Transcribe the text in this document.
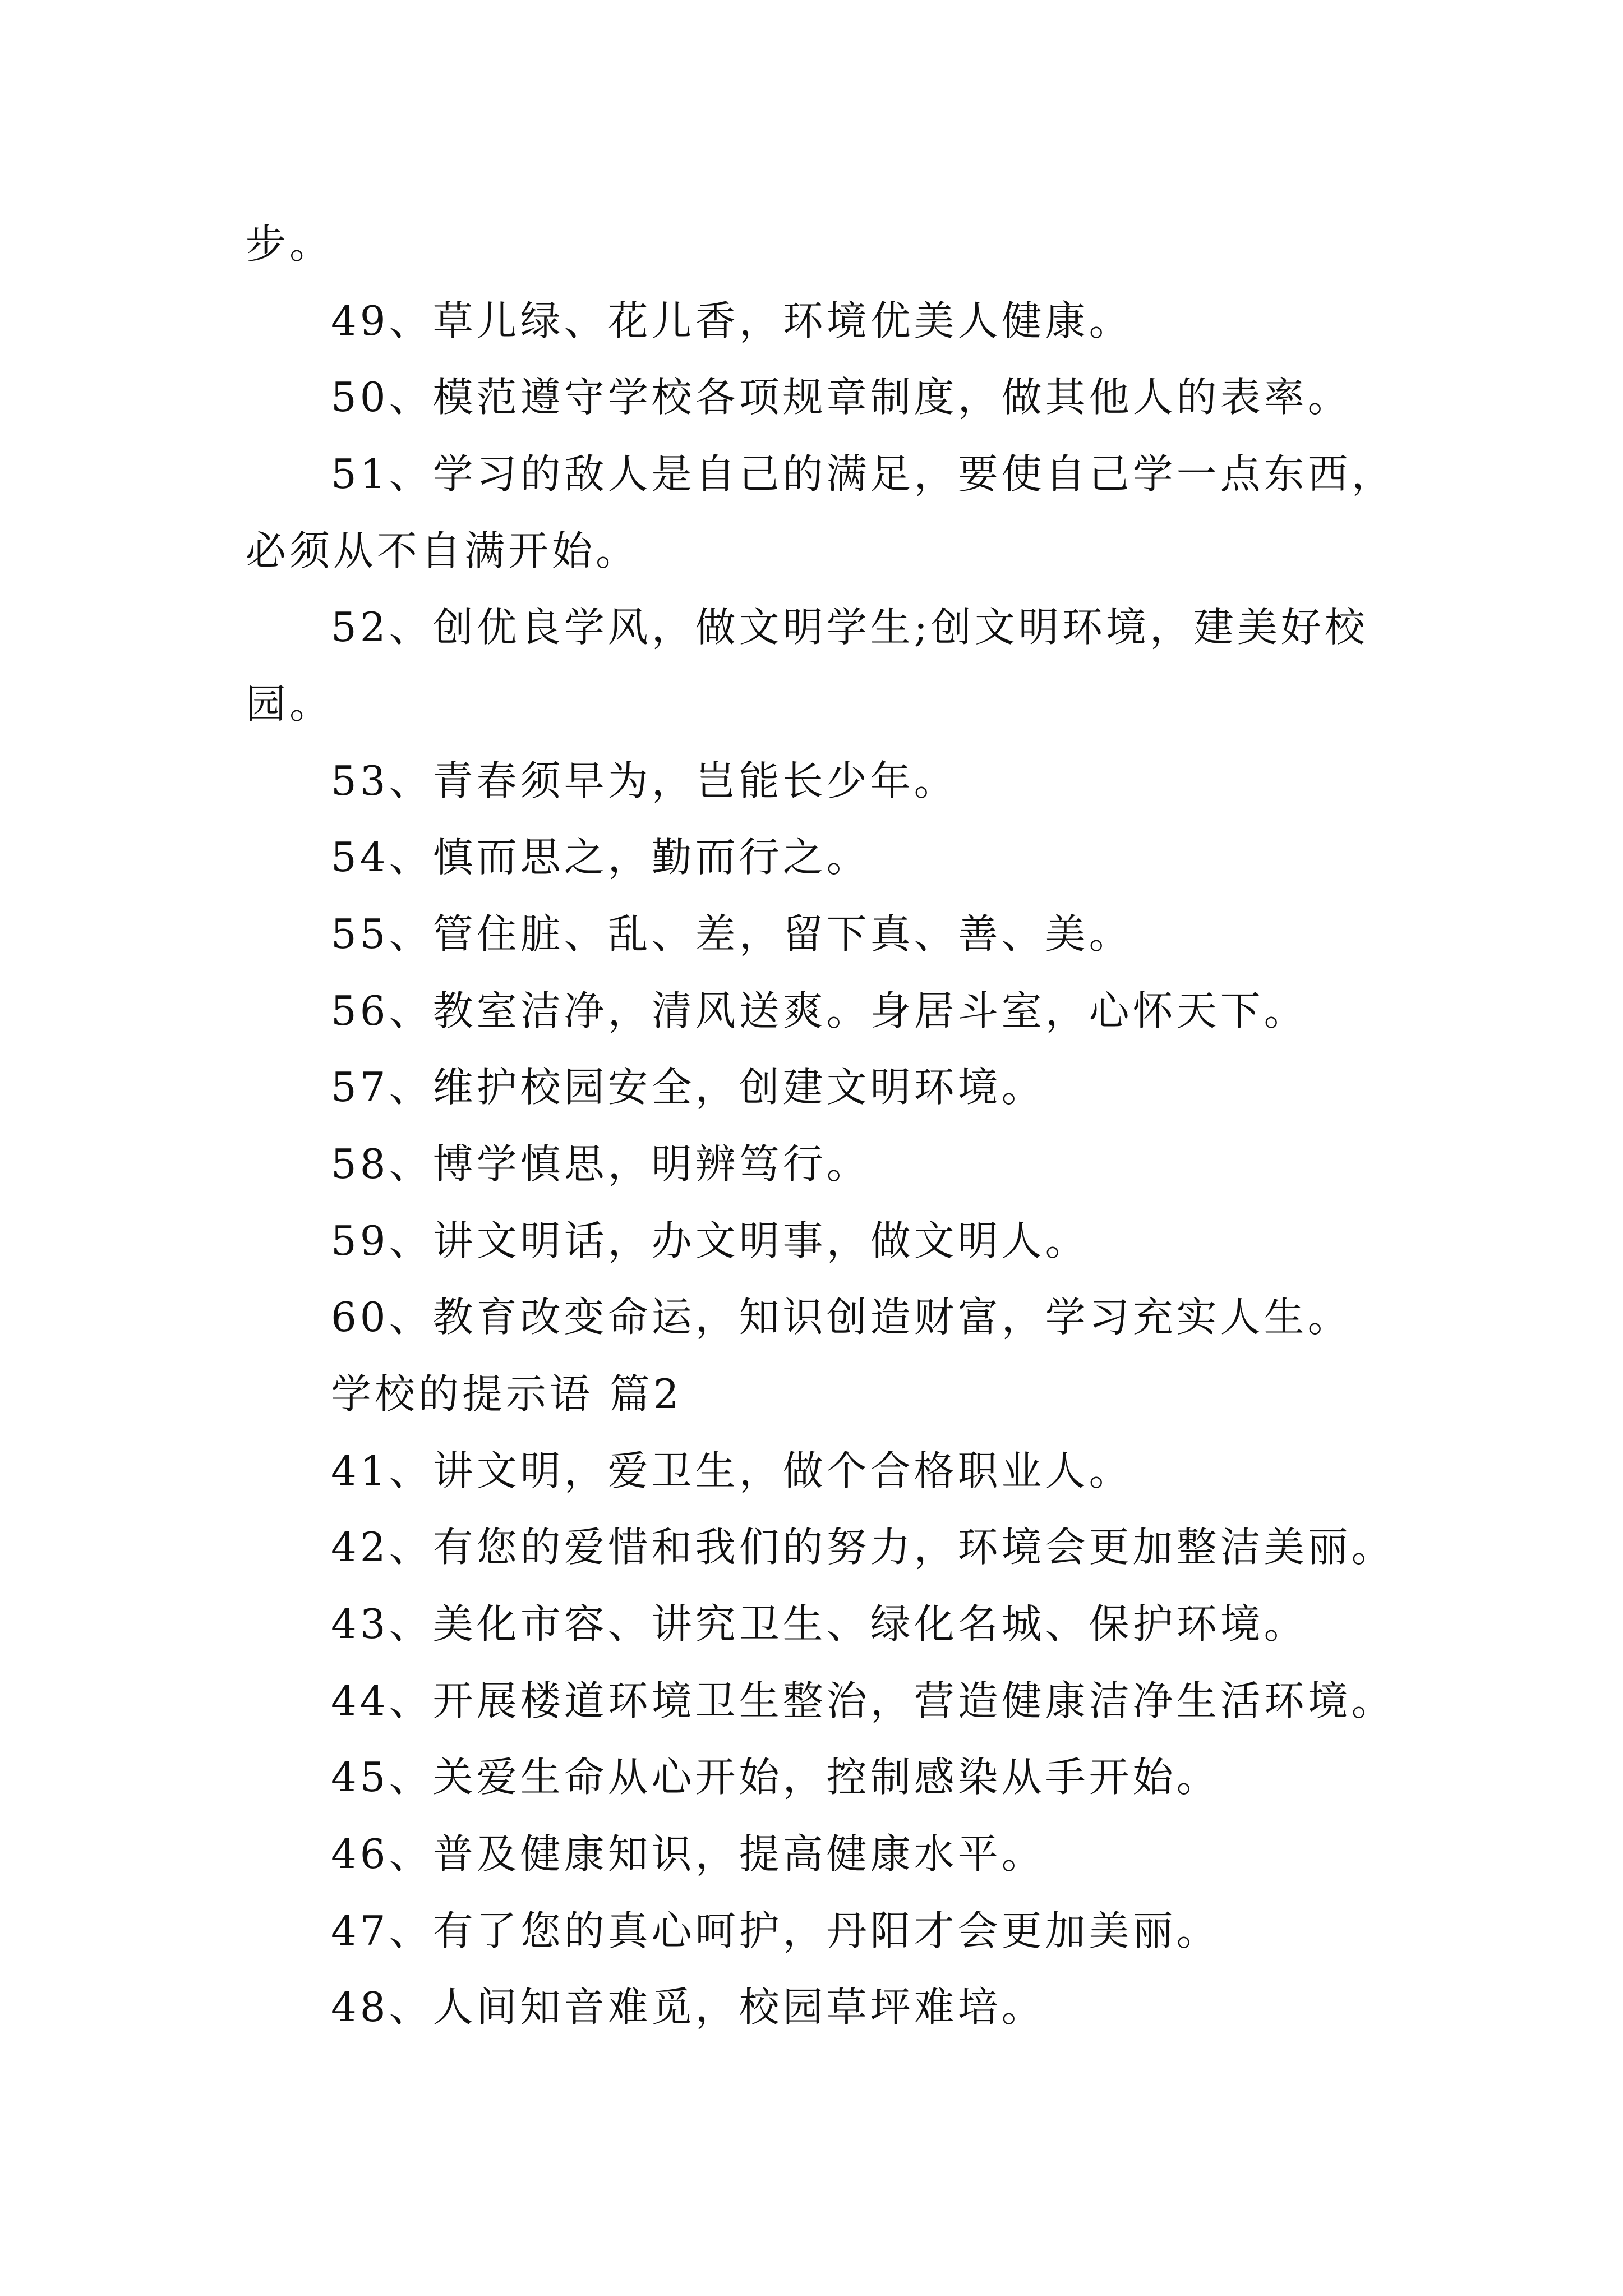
步。
49、草儿绿、花儿香，环境优美人健康。
50、模范遵守学校各项规章制度，做其他人的表率。
51、学习的敌人是自己的满足，要使自己学一点东西，
必须从不自满开始。
52、创优良学风，做文明学生;创文明环境，建美好校
园。
53、青春须早为，岂能长少年。
54、慎而思之，勤而行之。
55、管住脏、乱、差，留下真、善、美。
56、教室洁净，清风送爽。身居斗室，心怀天下。
57、维护校园安全，创建文明环境。
58、博学慎思，明辨笃行。
59、讲文明话，办文明事，做文明人。
60、教育改变命运，知识创造财富，学习充实人生。
学校的提示语 篇2
41、讲文明，爱卫生，做个合格职业人。
42、有您的爱惜和我们的努力，环境会更加整洁美丽。
43、美化市容、讲究卫生、绿化名城、保护环境。
44、开展楼道环境卫生整治，营造健康洁净生活环境。
45、关爱生命从心开始，控制感染从手开始。
46、普及健康知识，提高健康水平。
47、有了您的真心呵护，丹阳才会更加美丽。
48、人间知音难觅，校园草坪难培。
